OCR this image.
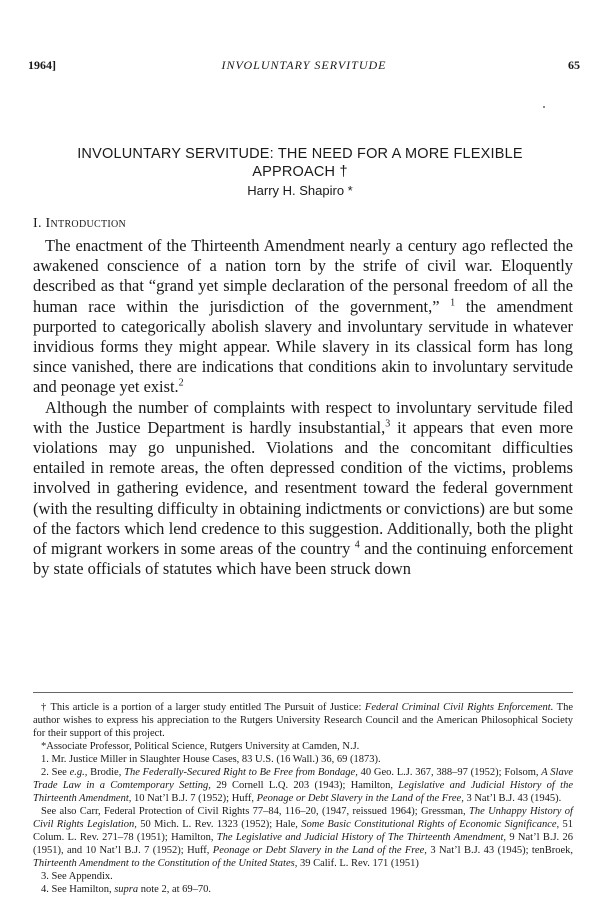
1964]	INVOLUNTARY SERVITUDE	65
INVOLUNTARY SERVITUDE: THE NEED FOR A MORE FLEXIBLE
APPROACH †
Harry H. Shapiro *
I. Introduction

The enactment of the Thirteenth Amendment nearly a century ago reflected the awakened conscience of a nation torn by the strife of civil war. Eloquently described as that “grand yet simple declaration of the personal freedom of all the human race within the jurisdiction of the government,” $^1$ the amendment purported to categorically abolish slavery and involuntary servitude in whatever invidious forms they might appear. While slavery in its classical form has long since vanished, there are indications that conditions akin to involuntary servitude and peonage yet exist.$^2$

Although the number of complaints with respect to involuntary servitude filed with the Justice Department is hardly insubstantial,$^3$ it appears that even more violations may go unpunished. Violations and the concomitant difficulties entailed in remote areas, the often depressed condition of the victims, problems involved in gathering evidence, and resentment toward the federal government (with the resulting difficulty in obtaining indictments or convictions) are but some of the factors which lend credence to this suggestion. Additionally, both the plight of migrant workers in some areas of the country $^4$ and the continuing enforcement by state officials of statutes which have been struck down

† This article is a portion of a larger study entitled The Pursuit of Justice: Federal Criminal Civil Rights Enforcement. The author wishes to express his appreciation to the Rutgers University Research Council and the American Philosophical Society for their support of this project.

*Associate Professor, Political Science, Rutgers University at Camden, N.J.

1. Mr. Justice Miller in Slaughter House Cases, 83 U.S. (16 Wall.) 36, 69 (1873).

2. See e.g., Brodie, The Federally-Secured Right to Be Free from Bondage, 40 Geo. L.J. 367, 388–97 (1952); Folsom, A Slave Trade Law in a Comtemporary Setting, 29 Cornell L.Q. 203 (1943); Hamilton, Legislative and Judicial History of the Thirteenth Amendment, 10 Nat’l B.J. 7 (1952); Huff, Peonage or Debt Slavery in the Land of the Free, 3 Nat’l B.J. 43 (1945).

See also Carr, Federal Protection of Civil Rights 77–84, 116–20, (1947, reissued 1964); Gressman, The Unhappy History of Civil Rights Legislation, 50 Mich. L. Rev. 1323 (1952); Hale, Some Basic Constitutional Rights of Economic Significance, 51 Colum. L. Rev. 271–78 (1951); Hamilton, The Legislative and Judicial History of The Thirteenth Amendment, 9 Nat’l B.J. 26 (1951), and 10 Nat’l B.J. 7 (1952); Huff, Peonage or Debt Slavery in the Land of the Free, 3 Nat’l B.J. 43 (1945); tenBroek, Thirteenth Amendment to the Constitution of the United States, 39 Calif. L. Rev. 171 (1951)

3. See Appendix.

4. See Hamilton, supra note 2, at 69–70.
